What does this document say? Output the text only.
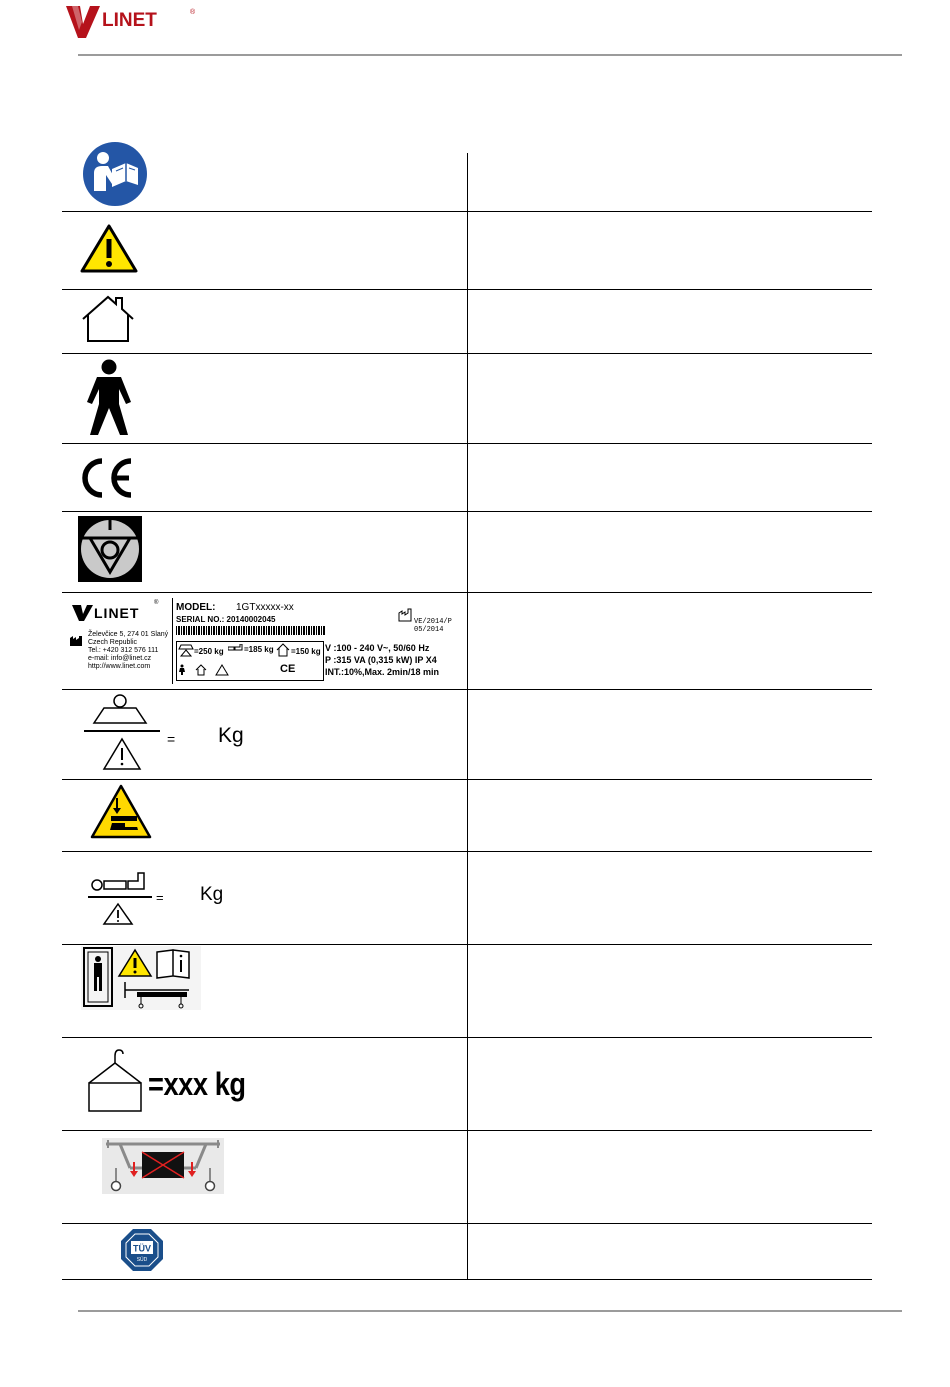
LINET	®
LINET
®
Želevčice 5, 274 01 Slaný
Czech Republic
Tel.: +420 312 576 111
e-mail: info@linet.cz
http://www.linet.com
MODEL: 1GTxxxxx-xx
SERIAL NO.: 20140002045	VE/2014/P
05/2014
=250 kg	=185 kg =150 kg
CE
V :100 - 240 V~, 50/60 Hz
P :315 VA (0,315 kW) IP X4
INT.:10%,Max. 2min/18 min
= Kg
= Kg
=xxx kg
TÜV
SÜD
